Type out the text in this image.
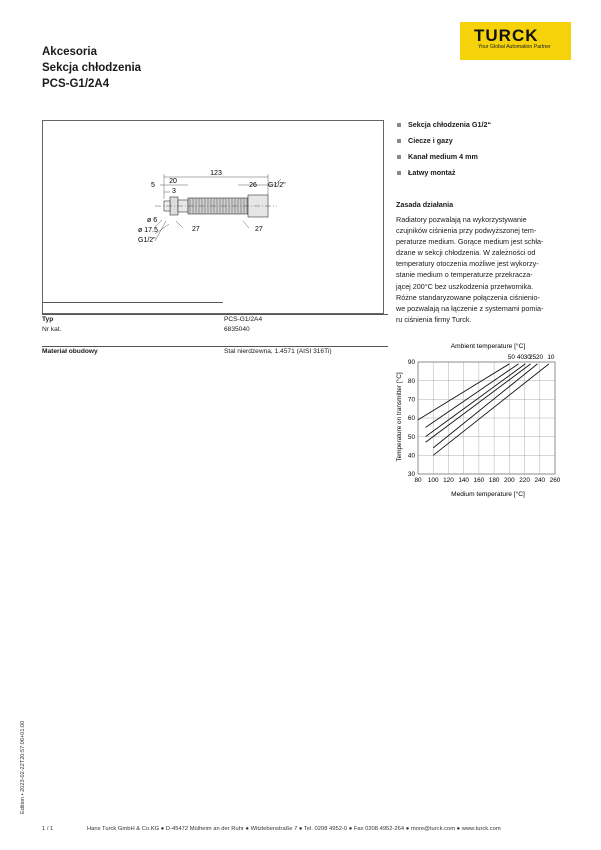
Akcesoria
Sekcja chłodzenia
PCS-G1/2A4
TURCK
Your Global Automation Partner
123
20
5
3
26 G1/2"
ø 6
ø 17.5
G1/2"
27	27
Sekcja chłodzenia G1/2“
Ciecze i gazy
Kanał medium 4 mm
Łatwy montaż
Zasada działania
Radiatory pozwalają na wykorzystywanie
czujników ciśnienia przy podwyższonej tem-
peraturze medium. Gorące medium jest schła-
dzane w sekcji chłodzenia. W zależności od
temperatury otoczenia możliwe jest wykorzy-
stanie medium o temperaturze przekracza-
jącej 200°C bez uszkodzenia przetwornika.
Różne standaryzowane połączenia ciśnienio-
we pozwalają na łączenie z systemami pomia-
ru ciśnienia firmy Turck.
Typ	PCS-G1/2A4
Nr kat.	6835040
Materiał obudowy	Stal nierdzewna, 1.4571 (AISI 316Ti)
80 100 120 140 160 180 200 220 240 260
30
40
50
60
70
80
90
50 40 30
25 20 10
Ambient temperature [°C]
Medium temperature [°C]
Temperature on transmitter [°C]
Edition • 2023-02-22T20:57:06+01:00
1 / 1	Hans Turck GmbH & Co.KG ● D-45472 Mülheim an der Ruhr ● Witzlebenstraße 7 ● Tel. 0208 4952-0 ● Fax 0208 4952-264 ● more@turck.com ● www.turck.com
